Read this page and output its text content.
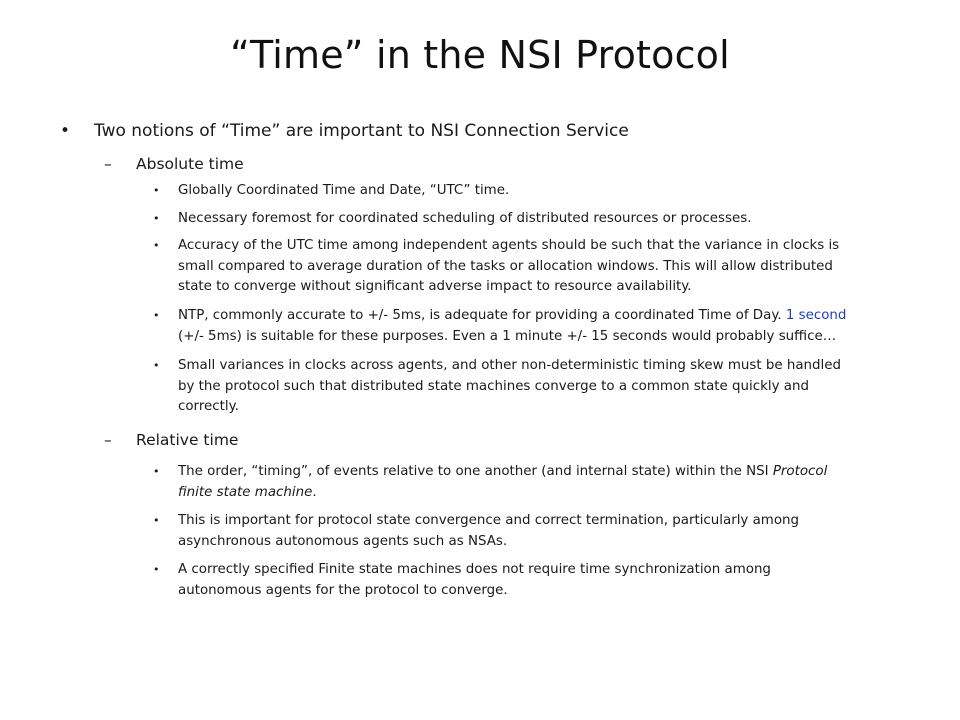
“Time” in the NSI Protocol
• Two notions of “Time” are important to NSI Connection Service
– Absolute time
• Globally Coordinated Time and Date, “UTC” time.
• Necessary foremost for coordinated scheduling of distributed resources or processes.
• Accuracy of the UTC time among independent agents should be such that the variance in clocks is
small compared to average duration of the tasks or allocation windows. This will allow distributed
state to converge without significant adverse impact to resource availability.
• NTP, commonly accurate to +/- 5ms, is adequate for providing a coordinated Time of Day. 1 second
(+/- 5ms) is suitable for these purposes. Even a 1 minute +/- 15 seconds would probably suffice…
• Small variances in clocks across agents, and other non-deterministic timing skew must be handled
by the protocol such that distributed state machines converge to a common state quickly and
correctly.
– Relative time
• The order, “timing”, of events relative to one another (and internal state) within the NSI Protocol
finite state machine.
• This is important for protocol state convergence and correct termination, particularly among
asynchronous autonomous agents such as NSAs.
• A correctly specified Finite state machines does not require time synchronization among
autonomous agents for the protocol to converge.
